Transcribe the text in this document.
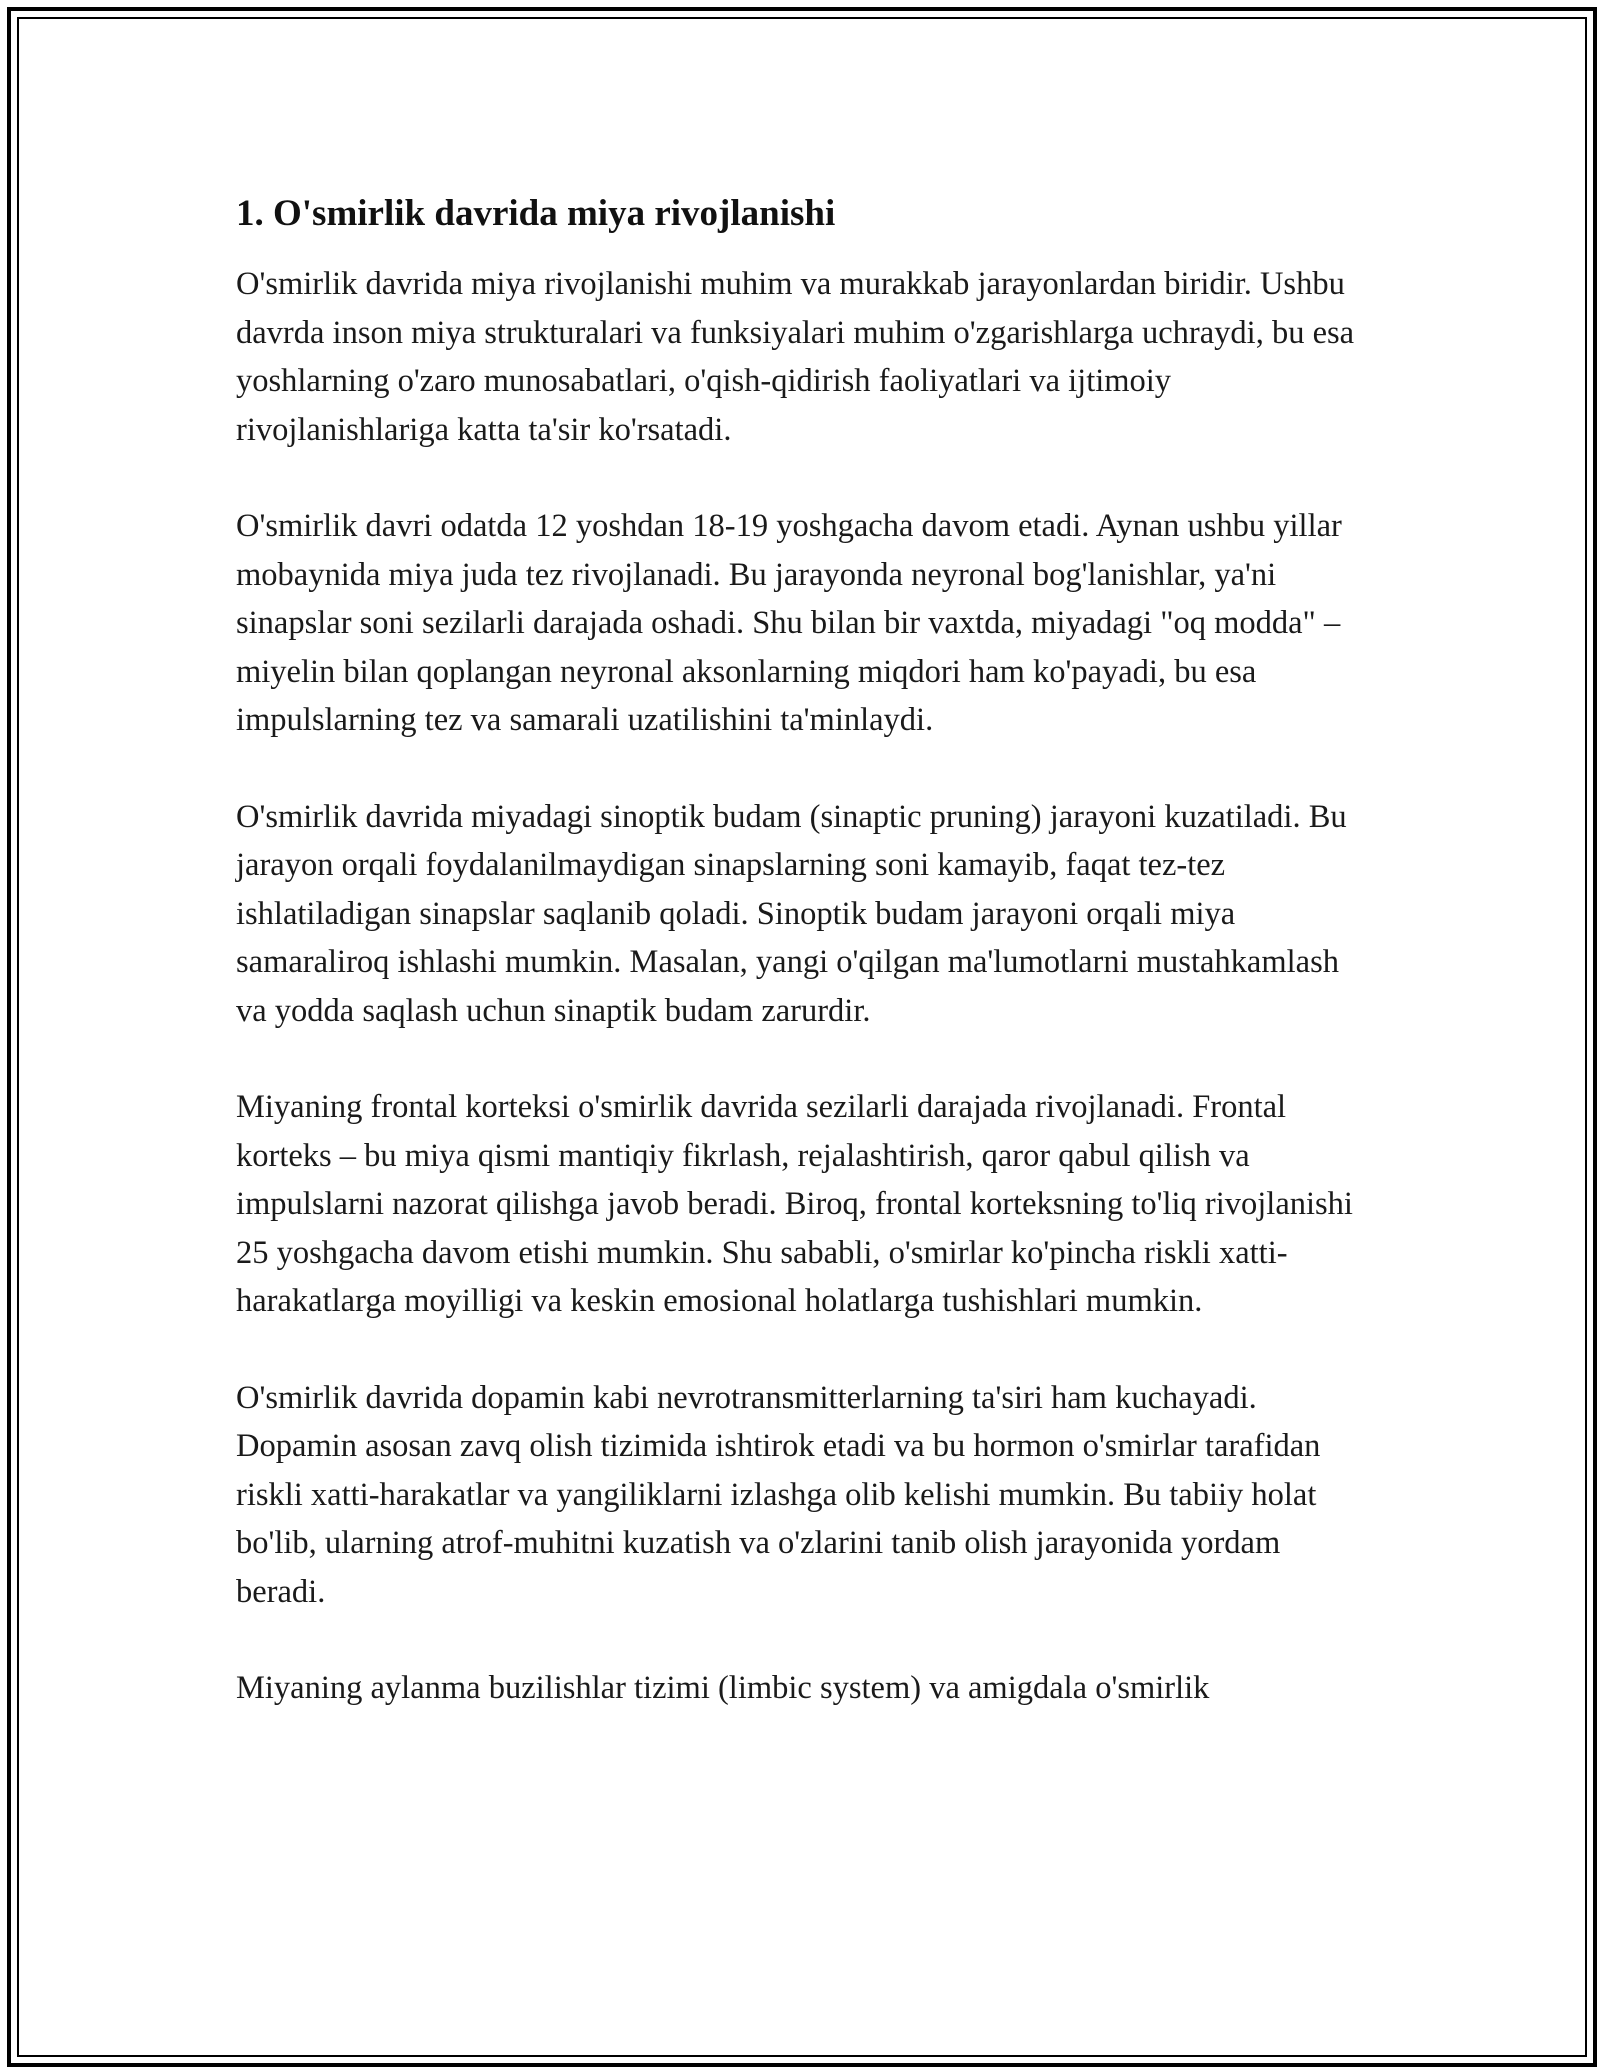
1. O'smirlik davrida miya rivojlanishi

O'smirlik davrida miya rivojlanishi muhim va murakkab jarayonlardan biridir. Ushbu davrda inson miya strukturalari va funksiyalari muhim o'zgarishlarga uchraydi, bu esa yoshlarning o'zaro munosabatlari, o'qish-qidirish faoliyatlari va ijtimoiy rivojlanishlariga katta ta'sir ko'rsatadi.

O'smirlik davri odatda 12 yoshdan 18-19 yoshgacha davom etadi. Aynan ushbu yillar mobaynida miya juda tez rivojlanadi. Bu jarayonda neyronal bog'lanishlar, ya'ni sinapslar soni sezilarli darajada oshadi. Shu bilan bir vaxtda, miyadagi "oq modda" – miyelin bilan qoplangan neyronal aksonlarning miqdori ham ko'payadi, bu esa impulslarning tez va samarali uzatilishini ta'minlaydi.

O'smirlik davrida miyadagi sinoptik budam (sinaptic pruning) jarayoni kuzatiladi. Bu jarayon orqali foydalanilmaydigan sinapslarning soni kamayib, faqat tez-tez ishlatiladigan sinapslar saqlanib qoladi. Sinoptik budam jarayoni orqali miya samaraliroq ishlashi mumkin. Masalan, yangi o'qilgan ma'lumotlarni mustahkamlash va yodda saqlash uchun sinaptik budam zarurdir.

Miyaning frontal korteksi o'smirlik davrida sezilarli darajada rivojlanadi. Frontal korteks – bu miya qismi mantiqiy fikrlash, rejalashtirish, qaror qabul qilish va impulslarni nazorat qilishga javob beradi. Biroq, frontal korteksning to'liq rivojlanishi 25 yoshgacha davom etishi mumkin. Shu sababli, o'smirlar ko'pincha riskli xatti-harakatlarga moyilligi va keskin emosional holatlarga tushishlari mumkin.

O'smirlik davrida dopamin kabi nevrotransmitterlarning ta'siri ham kuchayadi. Dopamin asosan zavq olish tizimida ishtirok etadi va bu hormon o'smirlar tarafidan riskli xatti-harakatlar va yangiliklarni izlashga olib kelishi mumkin. Bu tabiiy holat bo'lib, ularning atrof-muhitni kuzatish va o'zlarini tanib olish jarayonida yordam beradi.

Miyaning aylanma buzilishlar tizimi (limbic system) va amigdala o'smirlik
